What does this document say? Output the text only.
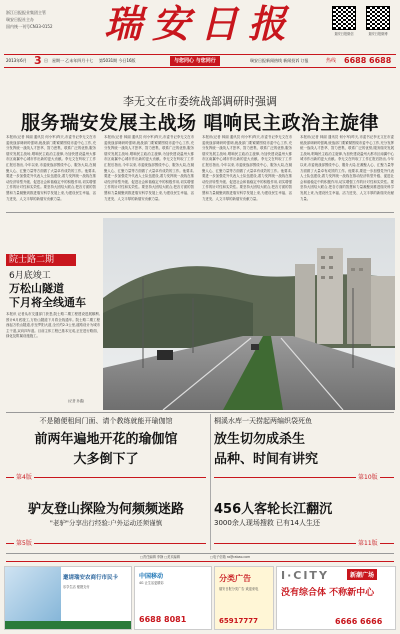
浙江日报报业集团主管
瑞安日报社主办
国内统一刊号CN33-0152	瑞安日报	瑞安日报微信	瑞安日报微博
2013年6月 3 日 星期一 乙未年四月十七 第5031期 今日16版	与您同心 与您同行	瑞安日报新闻热线 新闻投诉 订报	热线 6688 6688
李无文在市委统战部调研时强调
服务瑞安发展主战场 唱响民主政治主旋律
本报讯(记者 林丽 通讯员 何小军)昨天,市委书记李无文在市委统战部调研时强调,统战部门要紧紧围绕市委中心工作,充分发挥统一战线人才荟萃、智力密集、联系广泛的优势,服务瑞安发展主战场,唱响民主政治主旋律,为加快建设温州大都市区南翼中心城市作出新的更大贡献。李无文在听取了工作汇报后指出,今年以来,市委统战部围绕中心、服务大局,在凝聚人心、汇聚力量等方面做了大量卓有成效的工作。他要求,要进一步加强党外代表人士队伍建设,着力发挥统一战线在推动经济转型升级、促进社会和谐稳定中的积极作用,切实增强工作的针对性和实效性。要坚持大团结大联合,把各方面的智慧和力量凝聚到推进瑞安科学发展上来,为建设民生幸福、活力迸发、人文丰厚的新瑞安贡献力量。
本报讯(记者 林丽 通讯员 何小军)昨天,市委书记李无文在市委统战部调研时强调,统战部门要紧紧围绕市委中心工作,充分发挥统一战线人才荟萃、智力密集、联系广泛的优势,服务瑞安发展主战场,唱响民主政治主旋律,为加快建设温州大都市区南翼中心城市作出新的更大贡献。李无文在听取了工作汇报后指出,今年以来,市委统战部围绕中心、服务大局,在凝聚人心、汇聚力量等方面做了大量卓有成效的工作。他要求,要进一步加强党外代表人士队伍建设,着力发挥统一战线在推动经济转型升级、促进社会和谐稳定中的积极作用,切实增强工作的针对性和实效性。要坚持大团结大联合,把各方面的智慧和力量凝聚到推进瑞安科学发展上来,为建设民生幸福、活力迸发、人文丰厚的新瑞安贡献力量。
本报讯(记者 林丽 通讯员 何小军)昨天,市委书记李无文在市委统战部调研时强调,统战部门要紧紧围绕市委中心工作,充分发挥统一战线人才荟萃、智力密集、联系广泛的优势,服务瑞安发展主战场,唱响民主政治主旋律,为加快建设温州大都市区南翼中心城市作出新的更大贡献。李无文在听取了工作汇报后指出,今年以来,市委统战部围绕中心、服务大局,在凝聚人心、汇聚力量等方面做了大量卓有成效的工作。他要求,要进一步加强党外代表人士队伍建设,着力发挥统一战线在推动经济转型升级、促进社会和谐稳定中的积极作用,切实增强工作的针对性和实效性。要坚持大团结大联合,把各方面的智慧和力量凝聚到推进瑞安科学发展上来,为建设民生幸福、活力迸发、人文丰厚的新瑞安贡献力量。
本报讯(记者 林丽 通讯员 何小军)昨天,市委书记李无文在市委统战部调研时强调,统战部门要紧紧围绕市委中心工作,充分发挥统一战线人才荟萃、智力密集、联系广泛的优势,服务瑞安发展主战场,唱响民主政治主旋律,为加快建设温州大都市区南翼中心城市作出新的更大贡献。李无文在听取了工作汇报后指出,今年以来,市委统战部围绕中心、服务大局,在凝聚人心、汇聚力量等方面做了大量卓有成效的工作。他要求,要进一步加强党外代表人士队伍建设,着力发挥统一战线在推动经济转型升级、促进社会和谐稳定中的积极作用,切实增强工作的针对性和实效性。要坚持大团结大联合,把各方面的智慧和力量凝聚到推进瑞安科学发展上来,为建设民生幸福、活力迸发、人文丰厚的新瑞安贡献力量。
院士路二期
6月底竣工
万松山隧道
下月将全线通车
本报讯 记者从市交通部门获悉,院士路二期工程建设进展顺利,预计6月底竣工,万松山隧道下月将全线通车。院士路二期工程西起万松山隧道,东至罗阳大道,全长约2.3公里,道路设计为城市主干道,双向四车道。目前主体工程已基本完成,正在进行路面、绿化及附属设施施工。
(记者 孙鑫)
不是随便租间门面、请个教练就能开瑜伽馆
前两年遍地开花的瑜伽馆
大多倒下了
第4版
桐溪水库一天捞起两编织袋死鱼
放生切勿成杀生
品种、时间有讲究
第10版
驴友登山探险为何频频迷路
"老驴"分享出行经验:户外运动还须谨慎
第5版
456人客轮长江翻沉
3000余人现场搜救 已有14人生还
第11版
□责任编辑 李静 □美术编辑	□电子信箱 ra@rabao.com
邀请瑞安农商行市民卡
乐享生活 便捷支付
中国移动
4G 让生活更精彩
6688 8081
分类广告
瑞安日报分类广告 欢迎来电
65917777
I·CITY	新潮广场
没有综合体 不称新中心
6666 6666
